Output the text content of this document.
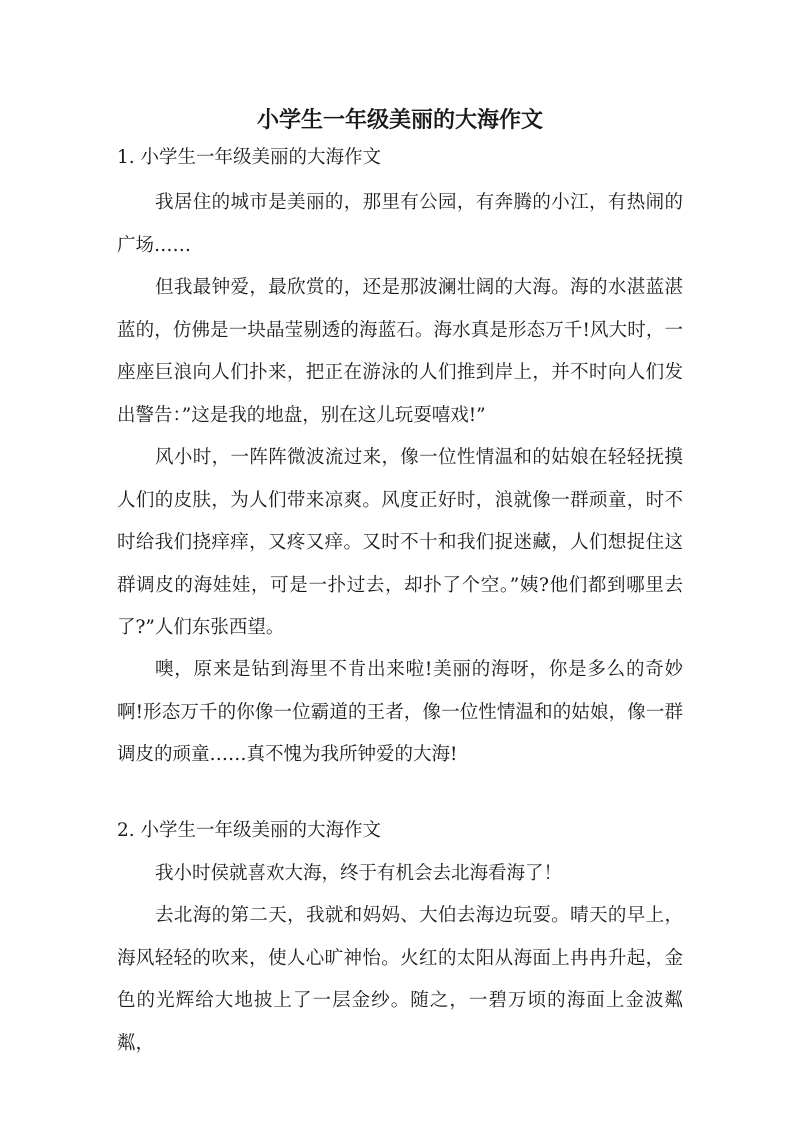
小学生一年级美丽的大海作文

1. 小学生一年级美丽的大海作文

我居住的城市是美丽的，那里有公园，有奔腾的小江，有热闹的广场……

但我最钟爱，最欣赏的，还是那波澜壮阔的大海。海的水湛蓝湛蓝的，仿佛是一块晶莹剔透的海蓝石。海水真是形态万千!风大时，一座座巨浪向人们扑来，把正在游泳的人们推到岸上，并不时向人们发出警告：”这是我的地盘，别在这儿玩耍嘻戏!”

风小时，一阵阵微波流过来，像一位性情温和的姑娘在轻轻抚摸人们的皮肤，为人们带来凉爽。风度正好时，浪就像一群顽童，时不时给我们挠痒痒，又疼又痒。又时不十和我们捉迷藏，人们想捉住这群调皮的海娃娃，可是一扑过去，却扑了个空。”姨?他们都到哪里去了?”人们东张西望。

噢，原来是钻到海里不肯出来啦!美丽的海呀，你是多么的奇妙啊!形态万千的你像一位霸道的王者，像一位性情温和的姑娘，像一群调皮的顽童……真不愧为我所钟爱的大海!

2. 小学生一年级美丽的大海作文

我小时侯就喜欢大海，终于有机会去北海看海了！

去北海的第二天，我就和妈妈、大伯去海边玩耍。晴天的早上，海风轻轻的吹来，使人心旷神怡。火红的太阳从海面上冉冉升起，金色的光辉给大地披上了一层金纱。随之，一碧万顷的海面上金波粼粼，
